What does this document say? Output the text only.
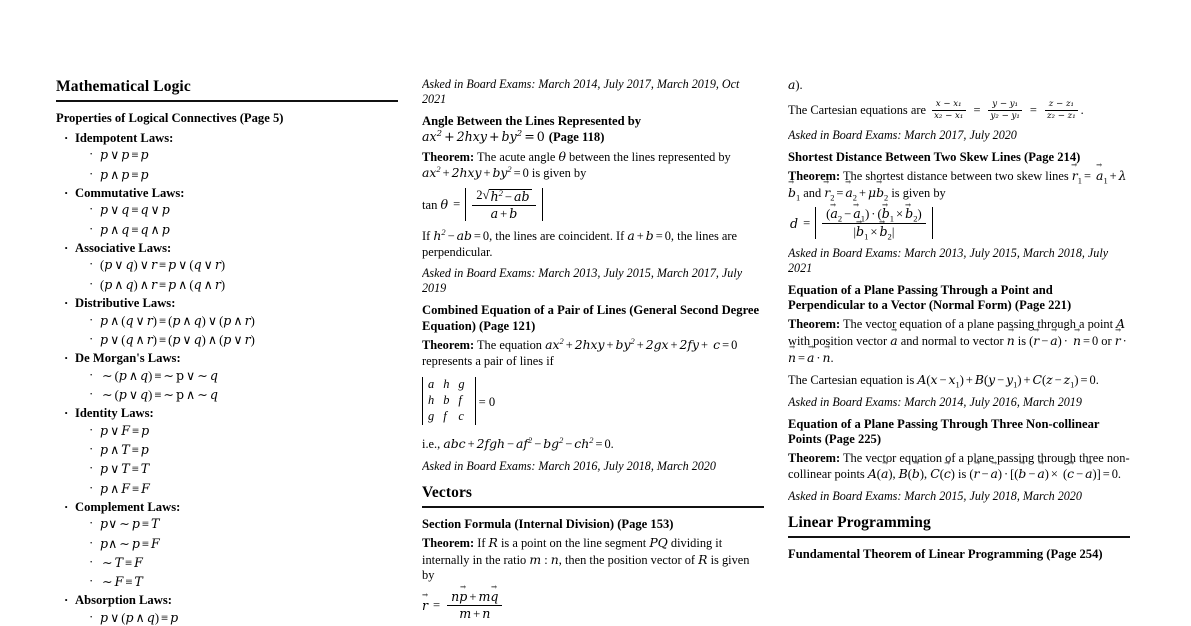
Mathematical Logic
Properties of Logical Connectives (Page 5)
· Idempotent Laws:
· p ∨ p ≡ p
· p ∧ p ≡ p
· Commutative Laws:
· p ∨ q ≡ q ∨ p
· p ∧ q ≡ q ∧ p
· Associative Laws:
· (p ∨ q) ∨ r ≡ p ∨ (q ∨ r)
· (p ∧ q) ∧ r ≡ p ∧ (q ∧ r)
· Distributive Laws:
· p ∧ (q ∨ r) ≡ (p ∧ q) ∨ (p ∧ r)
· p ∨ (q ∧ r) ≡ (p ∨ q) ∧ (p ∨ r)
· De Morgan's Laws:
· ∼ (p ∧ q) ≡ ∼ p ∨ ∼ q
· ∼ (p ∨ q) ≡ ∼ p ∧ ∼ q
· Identity Laws:
· p ∨ F ≡ p
· p ∧ T ≡ p
· p ∨ T ≡ T
· p ∧ F ≡ F
· Complement Laws:
· p∨ ∼ p ≡ T
· p∧ ∼ p ≡ F
· ∼ T ≡ F
· ∼ F ≡ T
· Absorption Laws:
· p ∨ (p ∧ q) ≡ p

Asked in Board Exams: March 2014, July 2017, March 2019, Oct 2021

Angle Between the Lines Represented by $ax^2 + 2hxy + by^2 = 0$ (Page 118)

Theorem: The acute angle θ between the lines represented by $ax^2 + 2hxy + by^2 = 0$ is given by

$\tan \theta = \frac{2 √ h^2 - ab}{a + b}$

If $h^2$ − ab = 0, the lines are coincident. If a + b = 0, the lines are perpendicular.

Asked in Board Exams: March 2013, July 2015, March 2017, July 2019

Combined Equation of a Pair of Lines (General Second Degree Equation) (Page 121)

Theorem: The equation $ax^2 + 2hxy + by^2 + 2gx + 2fy + c = 0$ represents a pair of lines if

a	h	g
h	b	f
g	f	c
= 0

i.e., abc + $2fgh - af^2 - bg^2 - ch^2 = 0$.

Asked in Board Exams: March 2016, July 2018, March 2020

Vectors
Section Formula (Internal Division) (Page 153)

Theorem: If R is a point on the line segment PQ dividing it internally in the ratio m : n, then the position vector of R is given by

r → = $\frac{np \to + mq \to}{m + n}$

a →).

The Cartesian equations are $\frac{\text{x − x₁}}{\text{x₂ − x₁}} = \frac{\text{y − y₁}}{\text{y₂ − y₁}} = \frac{\text{z − z₁}}{\text{z₂ − z₁}}$ .

Asked in Board Exams: March 2017, July 2020

Shortest Distance Between Two Skew Lines (Page 214)

Theorem: The shortest distance between two skew lines $r \to_1 = a \to_1 + \lambda b \to_1$ and $r \to_2 = a \to_2 + \mu b \to_2$ is given by

$d = \frac{(a \to_2 - a \to_1) \cdot (b \to_1 \times b \to_2)}{|b \to_1 \times b \to_2|}$

Asked in Board Exams: March 2013, July 2015, March 2018, July 2021

Equation of a Plane Passing Through a Point and Perpendicular to a Vector (Normal Form) (Page 221)

Theorem: The vector equation of a plane passing through a point A with position vector a → and normal to vector n → is (r → − a →) · n → = 0 or r → ·n → = a → · n →.

The Cartesian equation is $A(x - x_1) + B(y - y_1) + C(z - z_1) = 0$.

Asked in Board Exams: March 2014, July 2016, March 2019

Equation of a Plane Passing Through Three Non-collinear Points (Page 225)

Theorem: The vector equation of a plane passing through three non-collinear points A(a →), B(b →), C(c →) is (r → − a →) · [(b → − a →) × (c → − a →)] = 0.

Asked in Board Exams: March 2015, July 2018, March 2020

Linear Programming
Fundamental Theorem of Linear Programming (Page 254)
